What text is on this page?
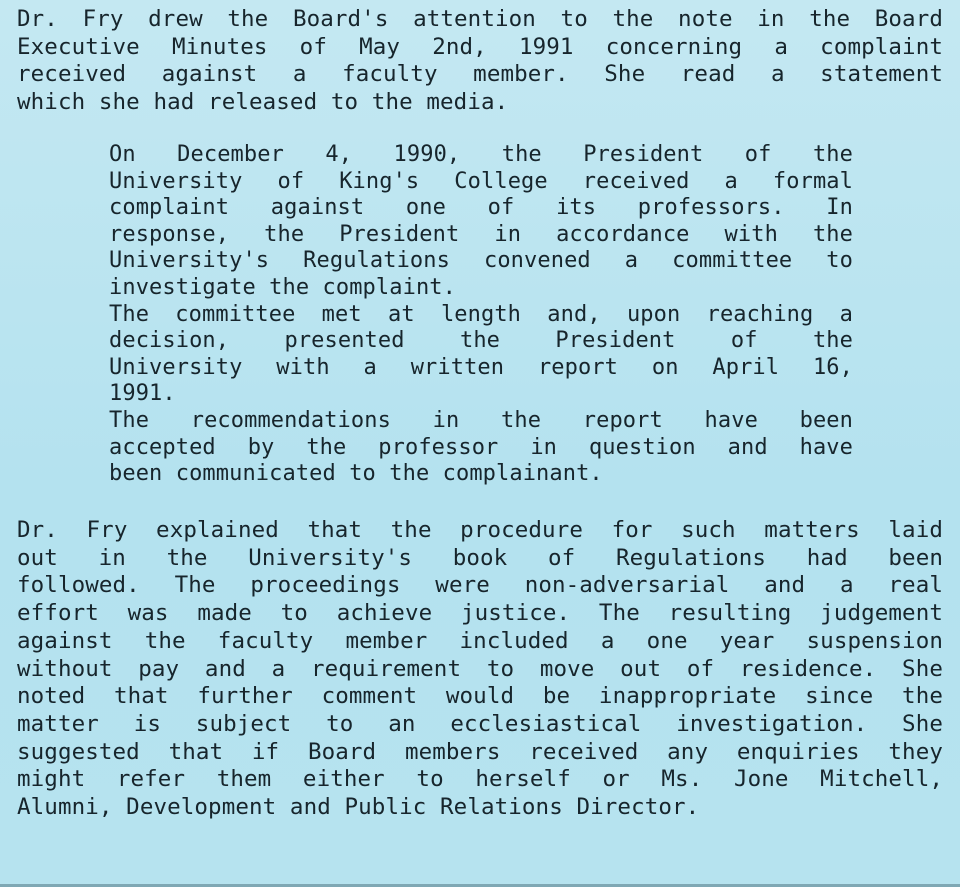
Dr. Fry drew the Board's attention to the note in the Board
Executive Minutes of May 2nd, 1991 concerning a complaint
received against a faculty member. She read a statement
which she had released to the media.
On December 4, 1990, the President of the
University of King's College received a formal
complaint against one of its professors. In
response, the President in accordance with the
University's Regulations convened a committee to
investigate the complaint.
The committee met at length and, upon reaching a
decision, presented the President of the
University with a written report on April 16,
1991.
The recommendations in the report have been
accepted by the professor in question and have
been communicated to the complainant.
Dr. Fry explained that the procedure for such matters laid
out in the University's book of Regulations had been
followed. The proceedings were non-adversarial and a real
effort was made to achieve justice. The resulting judgement
against the faculty member included a one year suspension
without pay and a requirement to move out of residence. She
noted that further comment would be inappropriate since the
matter is subject to an ecclesiastical investigation. She
suggested that if Board members received any enquiries they
might refer them either to herself or Ms. Jone Mitchell,
Alumni, Development and Public Relations Director.
